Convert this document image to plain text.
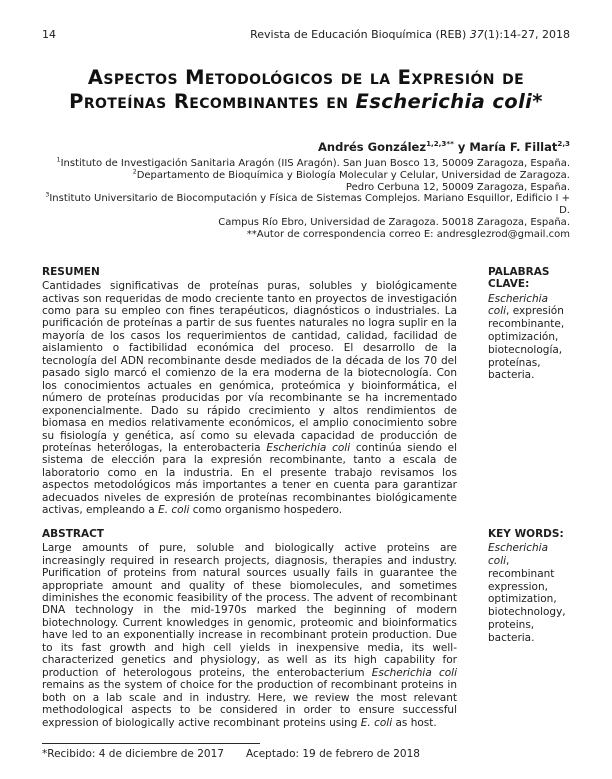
14	Revista de Educación Bioquímica (REB) 37(1):14-27, 2018
Aspectos Metodológicos de la Expresión de
Proteínas Recombinantes en Escherichia coli*
Andrés González$^{1,2,3**}$ y María F. Fillat$^{2,3}$
$^1$Instituto de Investigación Sanitaria Aragón (IIS Aragón). San Juan Bosco 13, 50009 Zaragoza, España.
$^2$Departamento de Bioquímica y Biología Molecular y Celular, Universidad de Zaragoza.
Pedro Cerbuna 12, 50009 Zaragoza, España.
$^3$Instituto Universitario de Biocomputación y Física de Sistemas Complejos. Mariano Esquillor, Edificio I + D.
Campus Río Ebro, Universidad de Zaragoza. 50018 Zaragoza, España.
**Autor de correspondencia correo E: andresglezrod@gmail.com
RESUMEN

Cantidades significativas de proteínas puras, solubles y biológicamente activas son requeridas de modo creciente tanto en proyectos de investigación como para su empleo con fines terapéuticos, diagnósticos o industriales. La purificación de proteínas a partir de sus fuentes naturales no logra suplir en la mayoría de los casos los requerimientos de cantidad, calidad, facilidad de aislamiento o factibilidad económica del proceso. El desarrollo de la tecnología del ADN recombinante desde mediados de la década de los 70 del pasado siglo marcó el comienzo de la era moderna de la biotecnología. Con los conocimientos actuales en genómica, proteómica y bioinformática, el número de proteínas producidas por vía recombinante se ha incrementado exponencialmente. Dado su rápido crecimiento y altos rendimientos de biomasa en medios relativamente económicos, el amplio conocimiento sobre su fisiología y genética, así como su elevada capacidad de producción de proteínas heterólogas, la enterobacteria Escherichia coli continúa siendo el sistema de elección para la expresión recombinante, tanto a escala de laboratorio como en la industria. En el presente trabajo revisamos los aspectos metodológicos más importantes a tener en cuenta para garantizar adecuados niveles de expresión de proteínas recombinantes biológicamente activas, empleando a E. coli como organismo hospedero.

PALABRAS CLAVE:
Escherichia coli, expresión recombinante, optimización, biotecnología, proteínas, bacteria.
ABSTRACT

Large amounts of pure, soluble and biologically active proteins are increasingly required in research projects, diagnosis, therapies and industry. Purification of proteins from natural sources usually fails in guarantee the appropriate amount and quality of these biomolecules, and sometimes diminishes the economic feasibility of the process. The advent of recombinant DNA technology in the mid-1970s marked the beginning of modern biotechnology. Current knowledges in genomic, proteomic and bioinformatics have led to an exponentially increase in recombinant protein production. Due to its fast growth and high cell yields in inexpensive media, its well-characterized genetics and physiology, as well as its high capability for production of heterologous proteins, the enterobacterium Escherichia coli remains as the system of choice for the production of recombinant proteins in both on a lab scale and in industry. Here, we review the most relevant methodological aspects to be considered in order to ensure successful expression of biologically active recombinant proteins using E. coli as host.

KEY WORDS:
Escherichia coli, recombinant expression, optimization, biotechnology, proteins, bacteria.
*Recibido: 4 de diciembre de 2017 Aceptado: 19 de febrero de 2018
